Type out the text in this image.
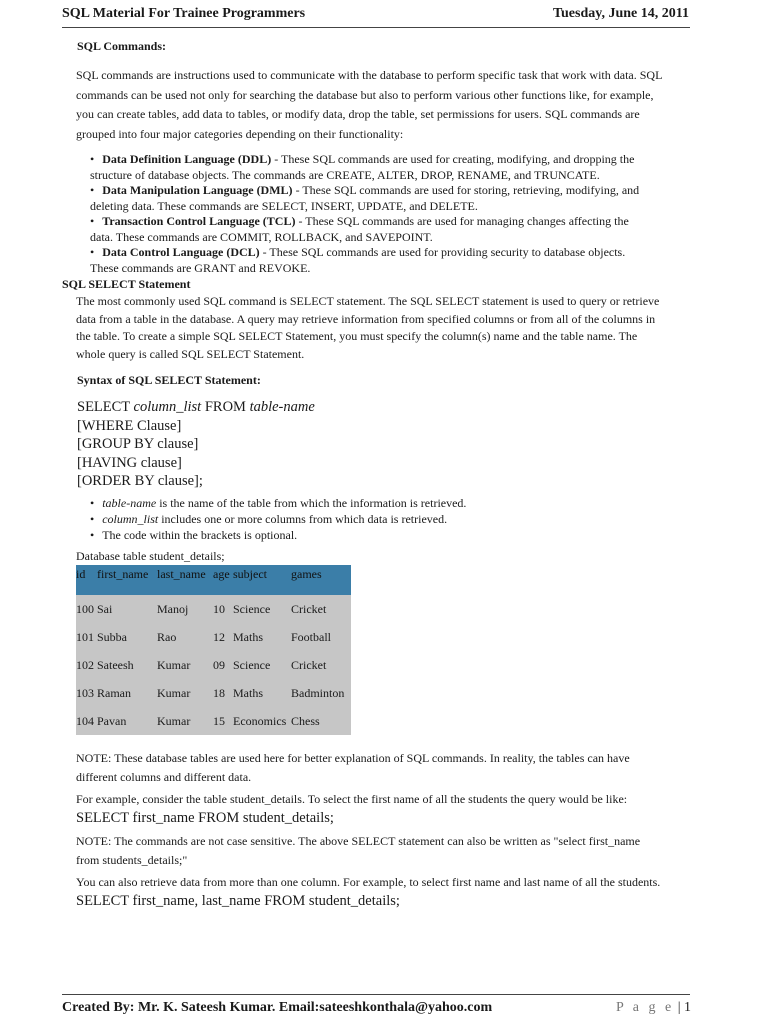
SQL Material For Trainee Programmers	Tuesday, June 14, 2011
SQL Commands:
SQL commands are instructions used to communicate with the database to perform specific task that work with data. SQL
commands can be used not only for searching the database but also to perform various other functions like, for example,
you can create tables, add data to tables, or modify data, drop the table, set permissions for users. SQL commands are
grouped into four major categories depending on their functionality:
• Data Definition Language (DDL) - These SQL commands are used for creating, modifying, and dropping the
structure of database objects. The commands are CREATE, ALTER, DROP, RENAME, and TRUNCATE.
• Data Manipulation Language (DML) - These SQL commands are used for storing, retrieving, modifying, and
deleting data. These commands are SELECT, INSERT, UPDATE, and DELETE.
• Transaction Control Language (TCL) - These SQL commands are used for managing changes affecting the
data. These commands are COMMIT, ROLLBACK, and SAVEPOINT.
• Data Control Language (DCL) - These SQL commands are used for providing security to database objects.
These commands are GRANT and REVOKE.
SQL SELECT Statement
The most commonly used SQL command is SELECT statement. The SQL SELECT statement is used to query or retrieve
data from a table in the database. A query may retrieve information from specified columns or from all of the columns in
the table. To create a simple SQL SELECT Statement, you must specify the column(s) name and the table name. The
whole query is called SQL SELECT Statement.
Syntax of SQL SELECT Statement:
SELECT column_list FROM table-name
[WHERE Clause]
[GROUP BY clause]
[HAVING clause]
[ORDER BY clause];
• table-name is the name of the table from which the information is retrieved.
• column_list includes one or more columns from which data is retrieved.
• The code within the brackets is optional.
Database table student_details;
id	first_name	last_name	age	subject	games
100	Sai	Manoj	10	Science	Cricket
101	Subba	Rao	12	Maths	Football
102	Sateesh	Kumar	09	Science	Cricket
103	Raman	Kumar	18	Maths	Badminton
104	Pavan	Kumar	15	Economics	Chess
NOTE: These database tables are used here for better explanation of SQL commands. In reality, the tables can have
different columns and different data.
For example, consider the table student_details. To select the first name of all the students the query would be like:
SELECT first_name FROM student_details;
NOTE: The commands are not case sensitive. The above SELECT statement can also be written as "select first_name
from students_details;"
You can also retrieve data from more than one column. For example, to select first name and last name of all the students.
SELECT first_name, last_name FROM student_details;
Created By: Mr. K. Sateesh Kumar. Email:sateeshkonthala@yahoo.com	P a g e | 1
